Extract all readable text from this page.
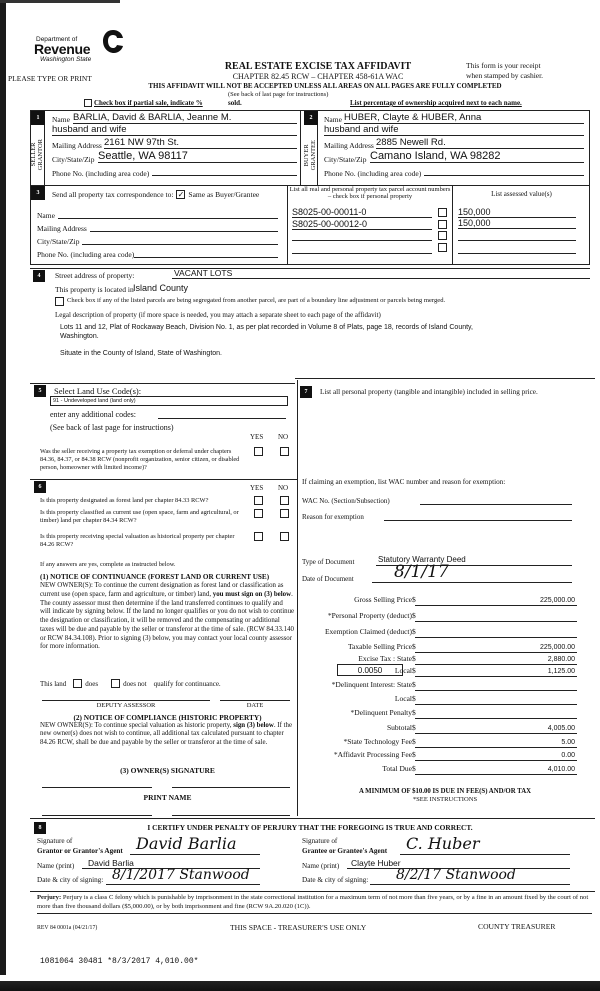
Department of
Revenue
Washington State
PLEASE TYPE OR PRINT
REAL ESTATE EXCISE TAX AFFIDAVIT
CHAPTER 82.45 RCW – CHAPTER 458-61A WAC
This form is your receipt
when stamped by cashier.
THIS AFFIDAVIT WILL NOT BE ACCEPTED UNLESS ALL AREAS ON ALL PAGES ARE FULLY COMPLETED
(See back of last page for instructions)
Check box if partial sale, indicate %	sold.	List percentage of ownership acquired next to each name.
1
SELLER
GRANTOR
Name BARLIA, David & BARLIA, Jeanne M.
husband and wife
Mailing Address 2161 NW 97th St.
City/State/Zip Seattle, WA 98117
Phone No. (including area code)
2
BUYER
GRANTEE
Name HUBER, Clayte & HUBER, Anna
husband and wife
Mailing Address 2885 Newell Rd.
City/State/Zip Camano Island, WA 98282
Phone No. (including area code)
3	Send all property tax correspondence to: ✓ Same as Buyer/Grantee
Name
Mailing Address
City/State/Zip
Phone No. (including area code)
List all real and personal property tax parcel account numbers – check box if personal property	List assessed value(s)
S8025-00-00011-0	150,000
S8025-00-00012-0	150,000
4	Street address of property:	VACANT LOTS
This property is located in Island County
Check box if any of the listed parcels are being segregated from another parcel, are part of a boundary line adjustment or parcels being merged.
Legal description of property (if more space is needed, you may attach a separate sheet to each page of the affidavit)
Lots 11 and 12, Plat of Rockaway Beach, Division No. 1, as per plat recorded in Volume 8 of Plats, page 18, records of Island County,
Washington.
Situate in the County of Island, State of Washington.
5	Select Land Use Code(s):
91 - Undeveloped land (land only)
enter any additional codes:
(See back of last page for instructions)
YES NO
Was the seller receiving a property tax exemption or deferral under chapters 84.36, 84.37, or 84.38 RCW (nonprofit organization, senior citizen, or disabled person, homeowner with limited income)?
6	YES NO
Is this property designated as forest land per chapter 84.33 RCW?
Is this property classified as current use (open space, farm and agricultural, or timber) land per chapter 84.34 RCW?
Is this property receiving special valuation as historical property per chapter 84.26 RCW?
If any answers are yes, complete as instructed below.
(1) NOTICE OF CONTINUANCE (FOREST LAND OR CURRENT USE)
NEW OWNER(S): To continue the current designation as forest land or classification as current use (open space, farm and agriculture, or timber) land, you must sign on (3) below. The county assessor must then determine if the land transferred continues to qualify and will indicate by signing below. If the land no longer qualifies or you do not wish to continue the designation or classification, it will be removed and the compensating or additional taxes will be due and payable by the seller or transferor at the time of sale. (RCW 84.33.140 or RCW 84.34.108). Prior to signing (3) below, you may contact your local county assessor for more information.
This land	does	does not qualify for continuance.
DEPUTY ASSESSOR	DATE
(2) NOTICE OF COMPLIANCE (HISTORIC PROPERTY)
NEW OWNER(S): To continue special valuation as historic property, sign (3) below. If the new owner(s) does not wish to continue, all additional tax calculated pursuant to chapter 84.26 RCW, shall be due and payable by the seller or transferor at the time of sale.
(3) OWNER(S) SIGNATURE
PRINT NAME
7	List all personal property (tangible and intangible) included in selling price.
If claiming an exemption, list WAC number and reason for exemption:
WAC No. (Section/Subsection)
Reason for exemption
Type of Document	Statutory Warranty Deed
Date of Document	8/1/17
Gross Selling Price $	225,000.00
*Personal Property (deduct) $
Exemption Claimed (deduct) $
Taxable Selling Price $	225,000.00
Excise Tax : State $	2,880.00
0.0050	Local $	1,125.00
*Delinquent Interest: State $
Local $
*Delinquent Penalty $
Subtotal $	4,005.00
*State Technology Fee $	5.00
*Affidavit Processing Fee $	0.00
Total Due $	4,010.00
A MINIMUM OF $10.00 IS DUE IN FEE(S) AND/OR TAX
*SEE INSTRUCTIONS
8	I CERTIFY UNDER PENALTY OF PERJURY THAT THE FOREGOING IS TRUE AND CORRECT.
Signature of
Grantor or Grantor's Agent David Barlia
Name (print)	David Barlia
Date & city of signing: 8/1/2017 Stanwood
Signature of
Grantee or Grantee's Agent	C. Huber
Name (print)	Clayte Huber
Date & city of signing:	8/2/17 Stanwood
Perjury: Perjury is a class C felony which is punishable by imprisonment in the state correctional institution for a maximum term of not more than five years, or by a fine in an amount fixed by the court of not more than five thousand dollars ($5,000.00), or by both imprisonment and fine (RCW 9A.20.020 (1C)).
REV 84 0001a (04/21/17)	THIS SPACE - TREASURER'S USE ONLY	COUNTY TREASURER
1081064 30481 *8/3/2017 4,010.00*
